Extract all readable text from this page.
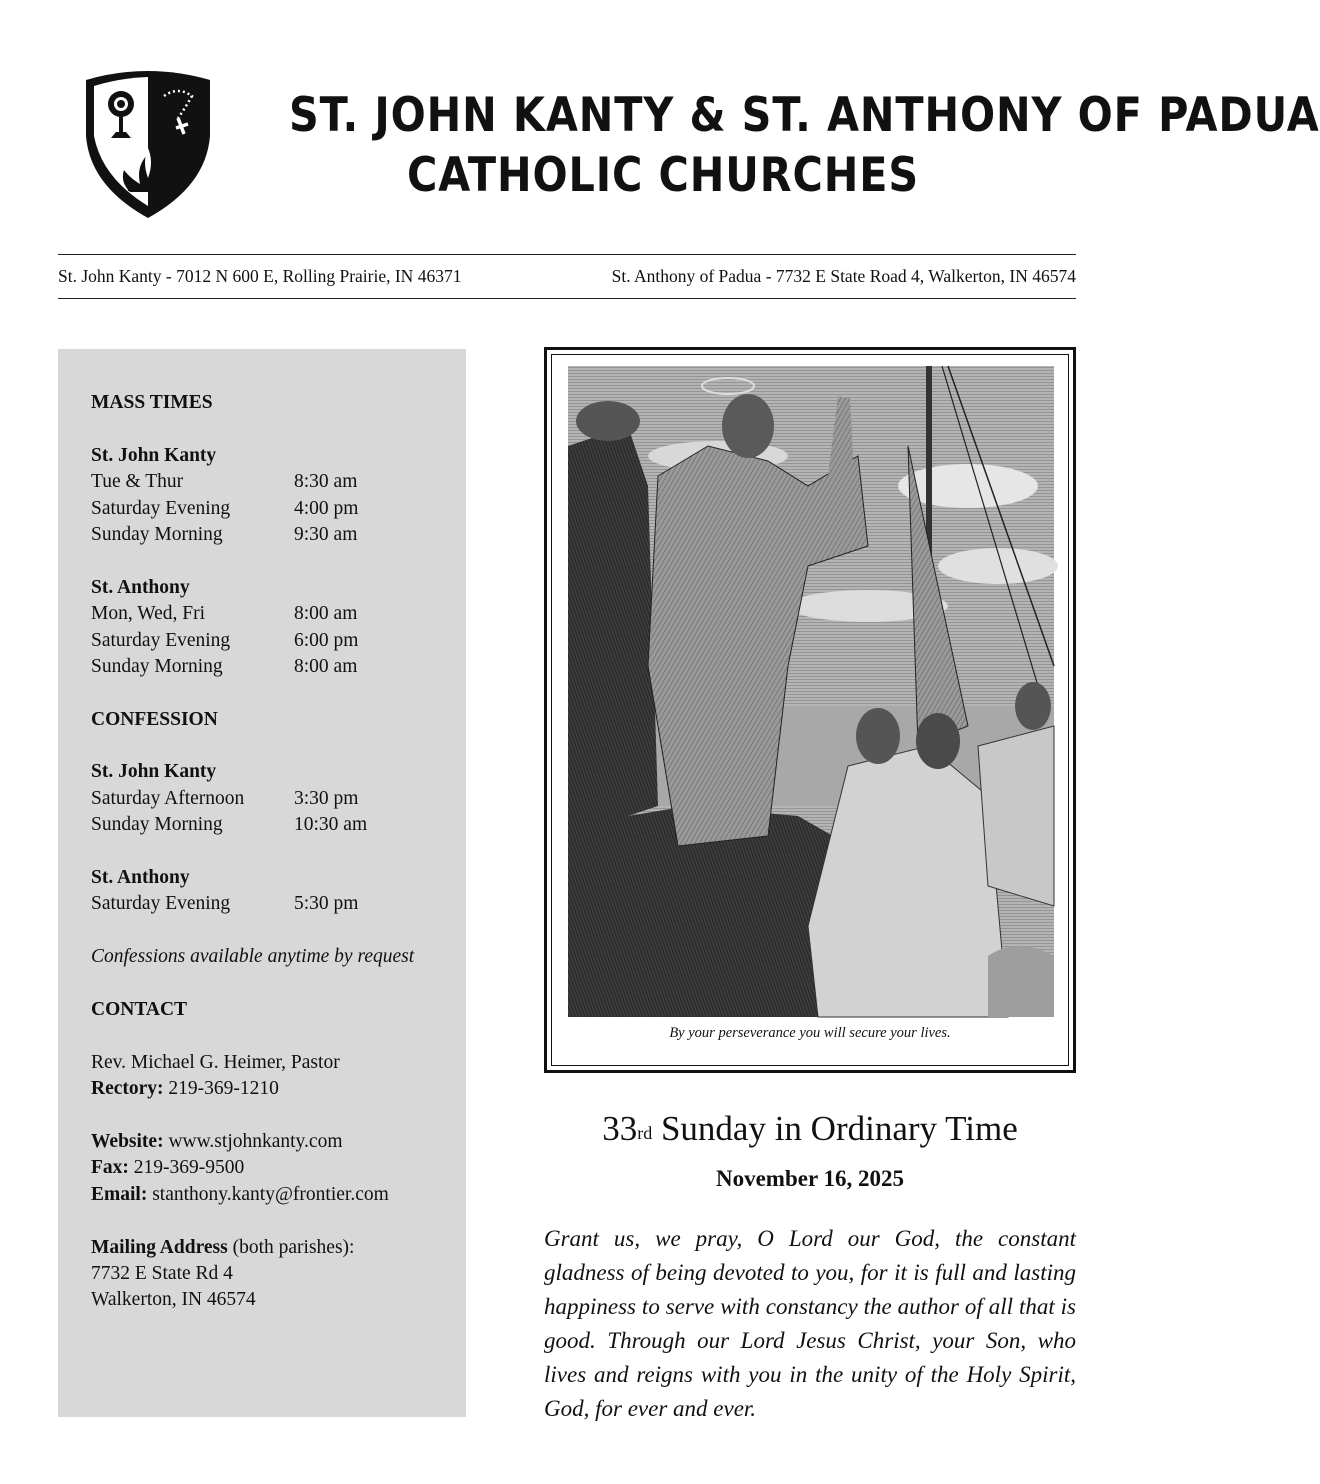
ST. JOHN KANTY & ST. ANTHONY OF PADUA
CATHOLIC CHURCHES
St. John Kanty - 7012 N 600 E, Rolling Prairie, IN 46371	St. Anthony of Padua - 7732 E State Road 4, Walkerton, IN 46574
MASS TIMES
St. John Kanty
Tue & Thur	8:30 am
Saturday Evening	4:00 pm
Sunday Morning	9:30 am
St. Anthony
Mon, Wed, Fri	8:00 am
Saturday Evening	6:00 pm
Sunday Morning	8:00 am
CONFESSION
St. John Kanty
Saturday Afternoon	3:30 pm
Sunday Morning	10:30 am
St. Anthony
Saturday Evening	5:30 pm
Confessions available anytime by request
CONTACT
Rev. Michael G. Heimer, Pastor
Rectory: 219-369-1210
Website: www.stjohnkanty.com
Fax: 219-369-9500
Email: stanthony.kanty@frontier.com
Mailing Address (both parishes):
7732 E State Rd 4
Walkerton, IN 46574
By your perseverance you will secure your lives.
33rd Sunday in Ordinary Time
November 16, 2025
Grant us, we pray, O Lord our God, the constant gladness of being devoted to you, for it is full and lasting happiness to serve with constancy the author of all that is good. Through our Lord Jesus Christ, your Son, who lives and reigns with you in the unity of the Holy Spirit, God, for ever and ever.
